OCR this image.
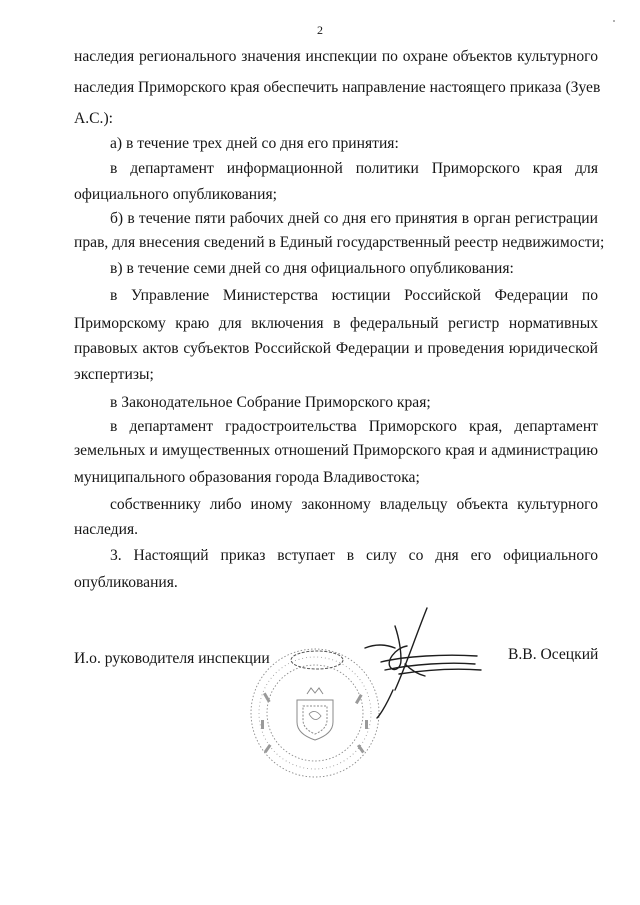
2
наследия регионального значения инспекции по охране объектов культурного
наследия Приморского края обеспечить направление настоящего приказа (Зуев
А.С.):
а) в течение трех дней со дня его принятия:
в департамент информационной политики Приморского края для
официального опубликования;
б) в течение пяти рабочих дней со дня его принятия в орган регистрации
прав, для внесения сведений в Единый государственный реестр недвижимости;
в) в течение семи дней со дня официального опубликования:
в Управление Министерства юстиции Российской Федерации по
Приморскому краю для включения в федеральный регистр нормативных
правовых актов субъектов Российской Федерации и проведения юридической
экспертизы;
в Законодательное Собрание Приморского края;
в департамент градостроительства Приморского края, департамент
земельных и имущественных отношений Приморского края и администрацию
муниципального образования города Владивостока;
собственнику либо иному законному владельцу объекта культурного
наследия.
3. Настоящий приказ вступает в силу со дня его официального
опубликования.
И.о. руководителя инспекции	В.В. Осецкий
